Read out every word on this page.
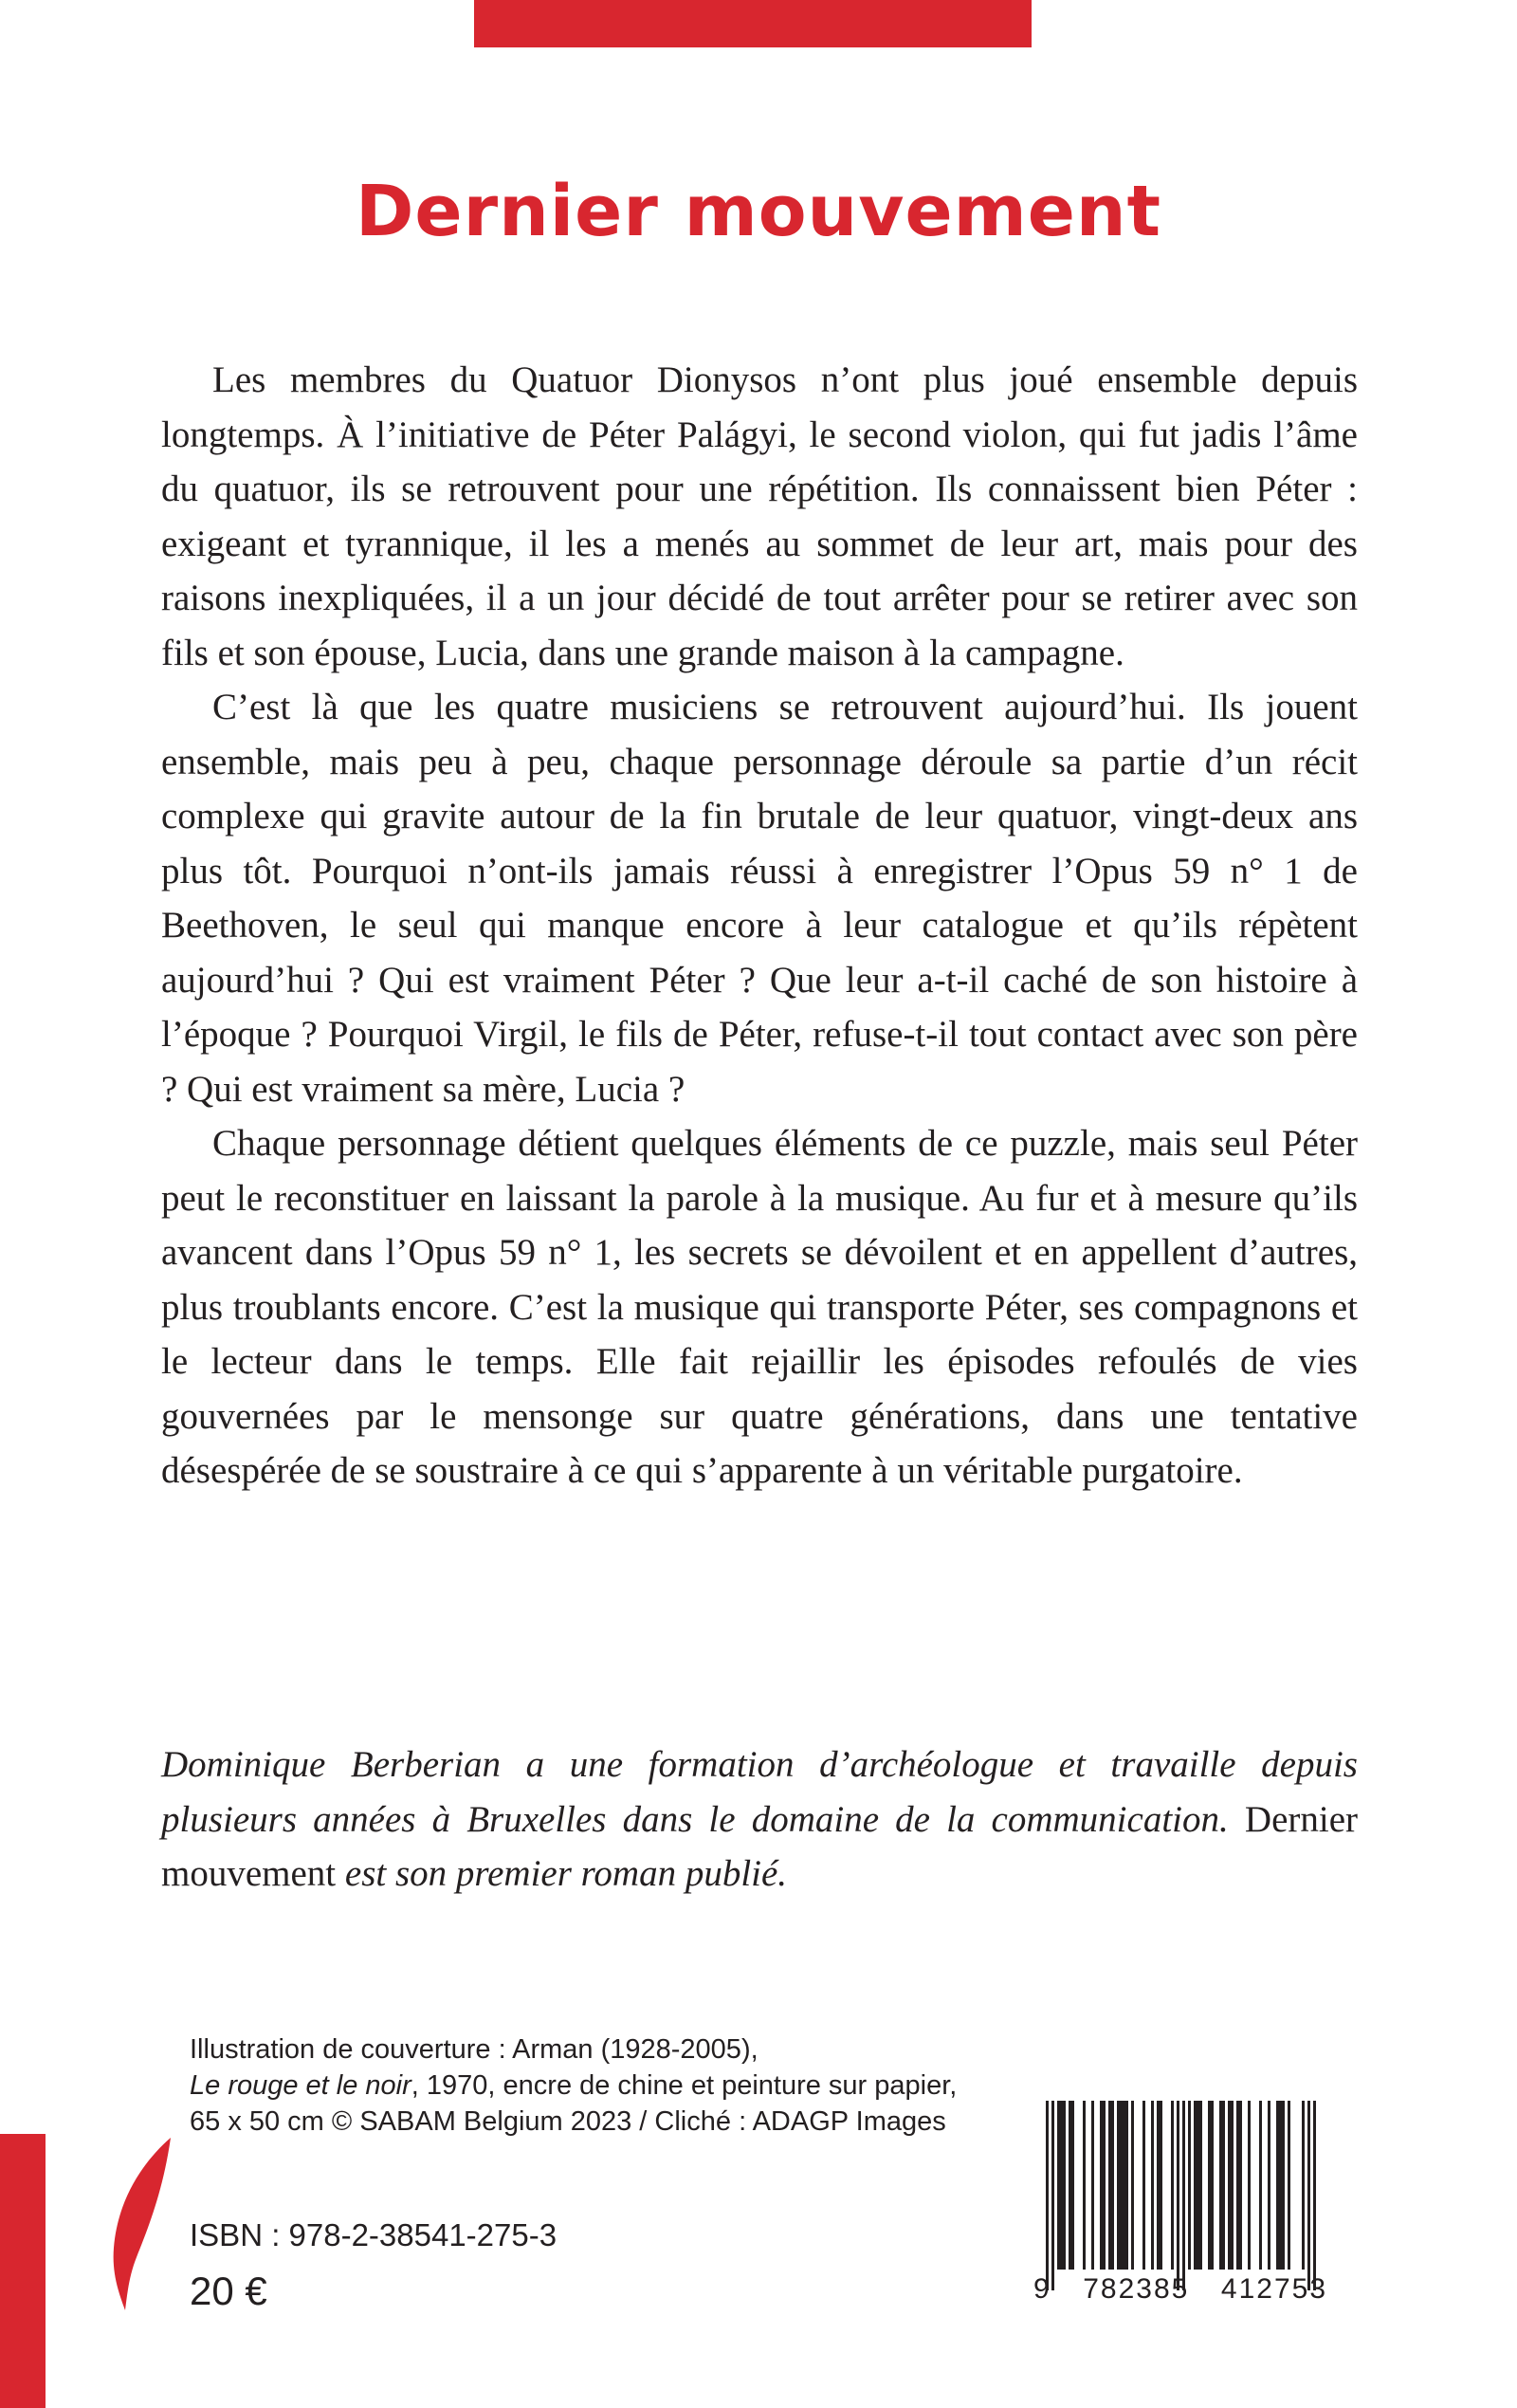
Dernier mouvement

Les membres du Quatuor Dionysos n’ont plus joué ensemble depuis longtemps. À l’initiative de Péter Palágyi, le second violon, qui fut jadis l’âme du quatuor, ils se retrouvent pour une répétition. Ils connaissent bien Péter : exigeant et tyrannique, il les a menés au sommet de leur art, mais pour des raisons inexpliquées, il a un jour décidé de tout arrêter pour se retirer avec son fils et son épouse, Lucia, dans une grande maison à la campagne.

C’est là que les quatre musiciens se retrouvent aujourd’hui. Ils jouent ensemble, mais peu à peu, chaque personnage déroule sa partie d’un récit complexe qui gravite autour de la fin brutale de leur quatuor, vingt-deux ans plus tôt. Pourquoi n’ont-ils jamais réussi à enregistrer l’Opus 59 n° 1 de Beethoven, le seul qui manque encore à leur catalogue et qu’ils répètent aujourd’hui ? Qui est vraiment Péter ? Que leur a-t-il caché de son histoire à l’époque ? Pourquoi Virgil, le fils de Péter, refuse-t-il tout contact avec son père ? Qui est vraiment sa mère, Lucia ?

Chaque personnage détient quelques éléments de ce puzzle, mais seul Péter peut le reconstituer en laissant la parole à la musique. Au fur et à mesure qu’ils avancent dans l’Opus 59 n° 1, les secrets se dévoilent et en appellent d’autres, plus troublants encore. C’est la musique qui transporte Péter, ses compagnons et le lecteur dans le temps. Elle fait rejaillir les épisodes refoulés de vies gouvernées par le mensonge sur quatre générations, dans une tentative désespérée de se soustraire à ce qui s’apparente à un véritable purgatoire.

Dominique Berberian a une formation d’archéologue et travaille depuis plusieurs années à Bruxelles dans le domaine de la communication. Dernier mouvement est son premier roman publié.

Illustration de couverture : Arman (1928-2005),
Le rouge et le noir, 1970, encre de chine et peinture sur papier,
65 x 50 cm © SABAM Belgium 2023 / Cliché : ADAGP Images
ISBN : 978-2-38541-275-3
20 €	9 782385 412753
